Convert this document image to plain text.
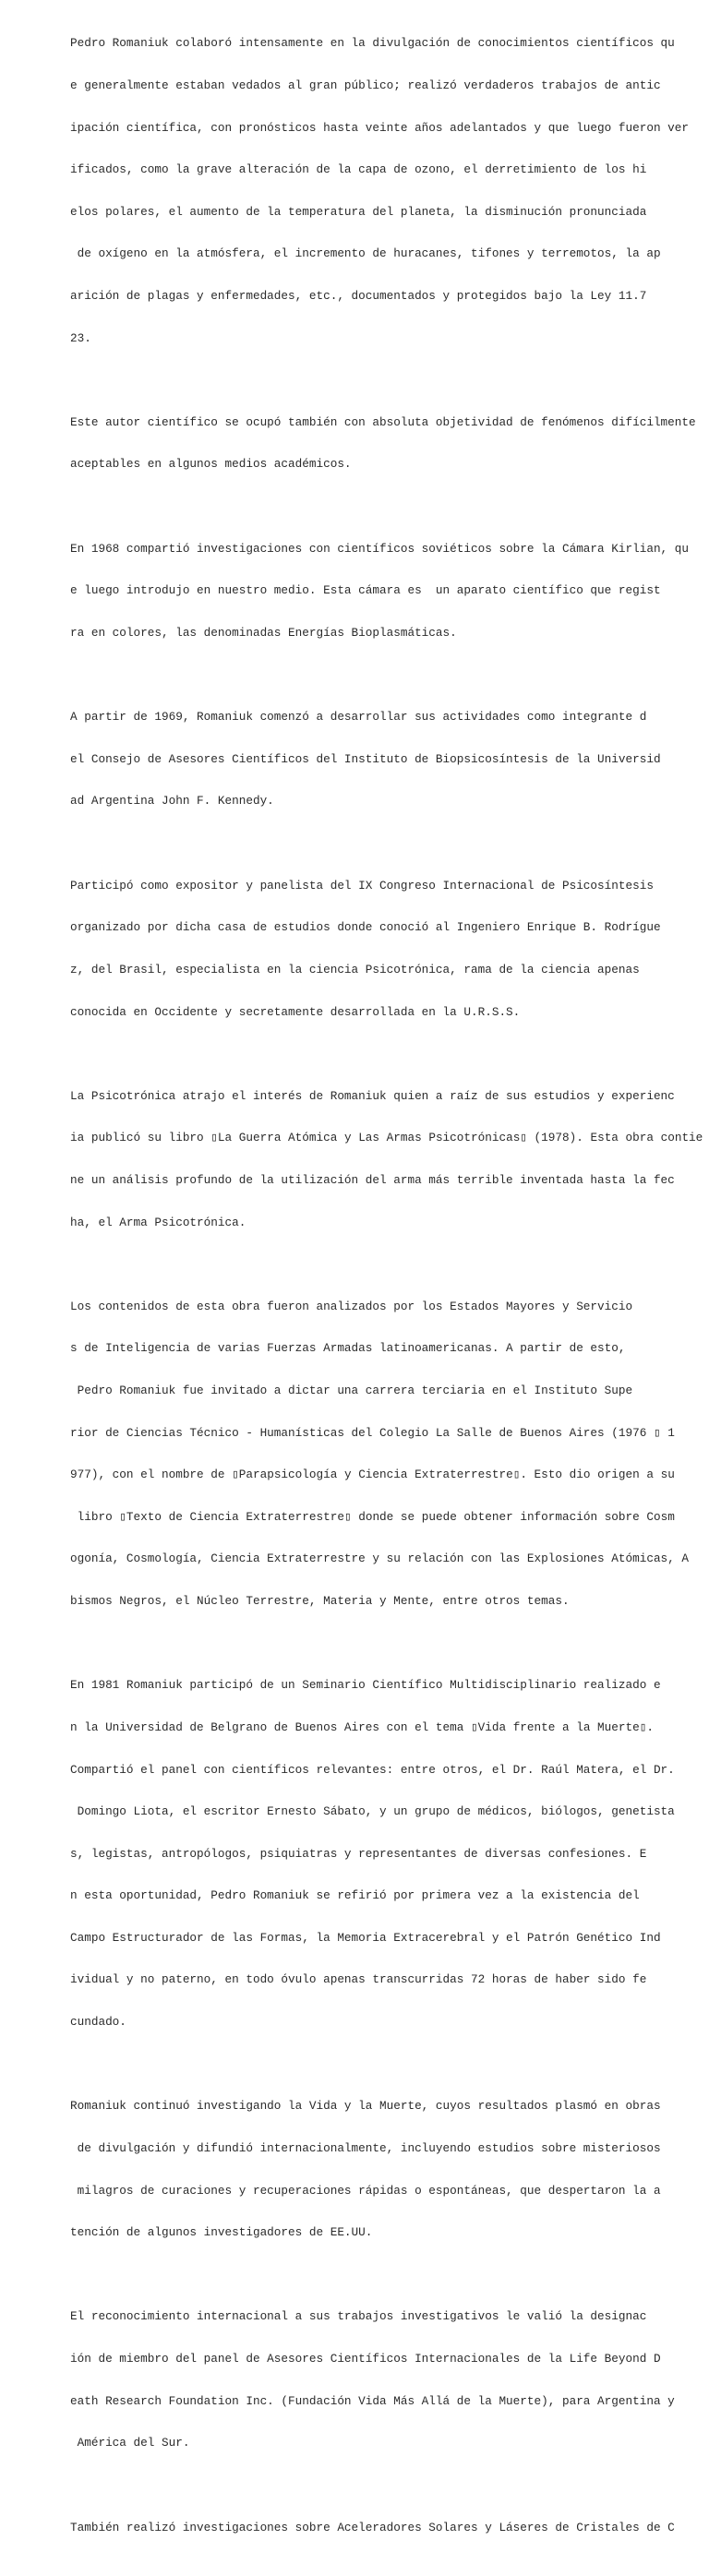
Pedro Romaniuk colaboró intensamente en la divulgación de conocimientos científicos qu

e generalmente estaban vedados al gran público; realizó verdaderos trabajos de antic

ipación científica, con pronósticos hasta veinte años adelantados y que luego fueron ver

ificados, como la grave alteración de la capa de ozono, el derretimiento de los hi

elos polares, el aumento de la temperatura del planeta, la disminución pronunciada

de oxígeno en la atmósfera, el incremento de huracanes, tifones y terremotos, la ap

arición de plagas y enfermedades, etc., documentados y protegidos bajo la Ley 11.7

23.

Este autor científico se ocupó también con absoluta objetividad de fenómenos difícilmente

aceptables en algunos medios académicos.

En 1968 compartió investigaciones con científicos soviéticos sobre la Cámara Kirlian, qu

e luego introdujo en nuestro medio. Esta cámara es  un aparato científico que regist

ra en colores, las denominadas Energías Bioplasmáticas.

A partir de 1969, Romaniuk comenzó a desarrollar sus actividades como integrante d

el Consejo de Asesores Científicos del Instituto de Biopsicosíntesis de la Universid

ad Argentina John F. Kennedy.

Participó como expositor y panelista del IX Congreso Internacional de Psicosíntesis

organizado por dicha casa de estudios donde conoció al Ingeniero Enrique B. Rodrígue

z, del Brasil, especialista en la ciencia Psicotrónica, rama de la ciencia apenas

conocida en Occidente y secretamente desarrollada en la U.R.S.S.

La Psicotrónica atrajo el interés de Romaniuk quien a raíz de sus estudios y experienc

ia publicó su libro ▯La Guerra Atómica y Las Armas Psicotrónicas▯ (1978). Esta obra contie

ne un análisis profundo de la utilización del arma más terrible inventada hasta la fec

ha, el Arma Psicotrónica.

Los contenidos de esta obra fueron analizados por los Estados Mayores y Servicio

s de Inteligencia de varias Fuerzas Armadas latinoamericanas. A partir de esto,

Pedro Romaniuk fue invitado a dictar una carrera terciaria en el Instituto Supe

rior de Ciencias Técnico - Humanísticas del Colegio La Salle de Buenos Aires (1976 ▯ 1

977), con el nombre de ▯Parapsicología y Ciencia Extraterrestre▯. Esto dio origen a su

libro ▯Texto de Ciencia Extraterrestre▯ donde se puede obtener información sobre Cosm

ogonía, Cosmología, Ciencia Extraterrestre y su relación con las Explosiones Atómicas, A

bismos Negros, el Núcleo Terrestre, Materia y Mente, entre otros temas.

En 1981 Romaniuk participó de un Seminario Científico Multidisciplinario realizado e

n la Universidad de Belgrano de Buenos Aires con el tema ▯Vida frente a la Muerte▯.

Compartió el panel con científicos relevantes: entre otros, el Dr. Raúl Matera, el Dr.

Domingo Liota, el escritor Ernesto Sábato, y un grupo de médicos, biólogos, genetista

s, legistas, antropólogos, psiquiatras y representantes de diversas confesiones. E

n esta oportunidad, Pedro Romaniuk se refirió por primera vez a la existencia del

Campo Estructurador de las Formas, la Memoria Extracerebral y el Patrón Genético Ind

ividual y no paterno, en todo óvulo apenas transcurridas 72 horas de haber sido fe

cundado.

Romaniuk continuó investigando la Vida y la Muerte, cuyos resultados plasmó en obras

de divulgación y difundió internacionalmente, incluyendo estudios sobre misteriosos

milagros de curaciones y recuperaciones rápidas o espontáneas, que despertaron la a

tención de algunos investigadores de EE.UU.

El reconocimiento internacional a sus trabajos investigativos le valió la designac

ión de miembro del panel de Asesores Científicos Internacionales de la Life Beyond D

eath Research Foundation Inc. (Fundación Vida Más Allá de la Muerte), para Argentina y

América del Sur.

También realizó investigaciones sobre Aceleradores Solares y Láseres de Cristales de C
